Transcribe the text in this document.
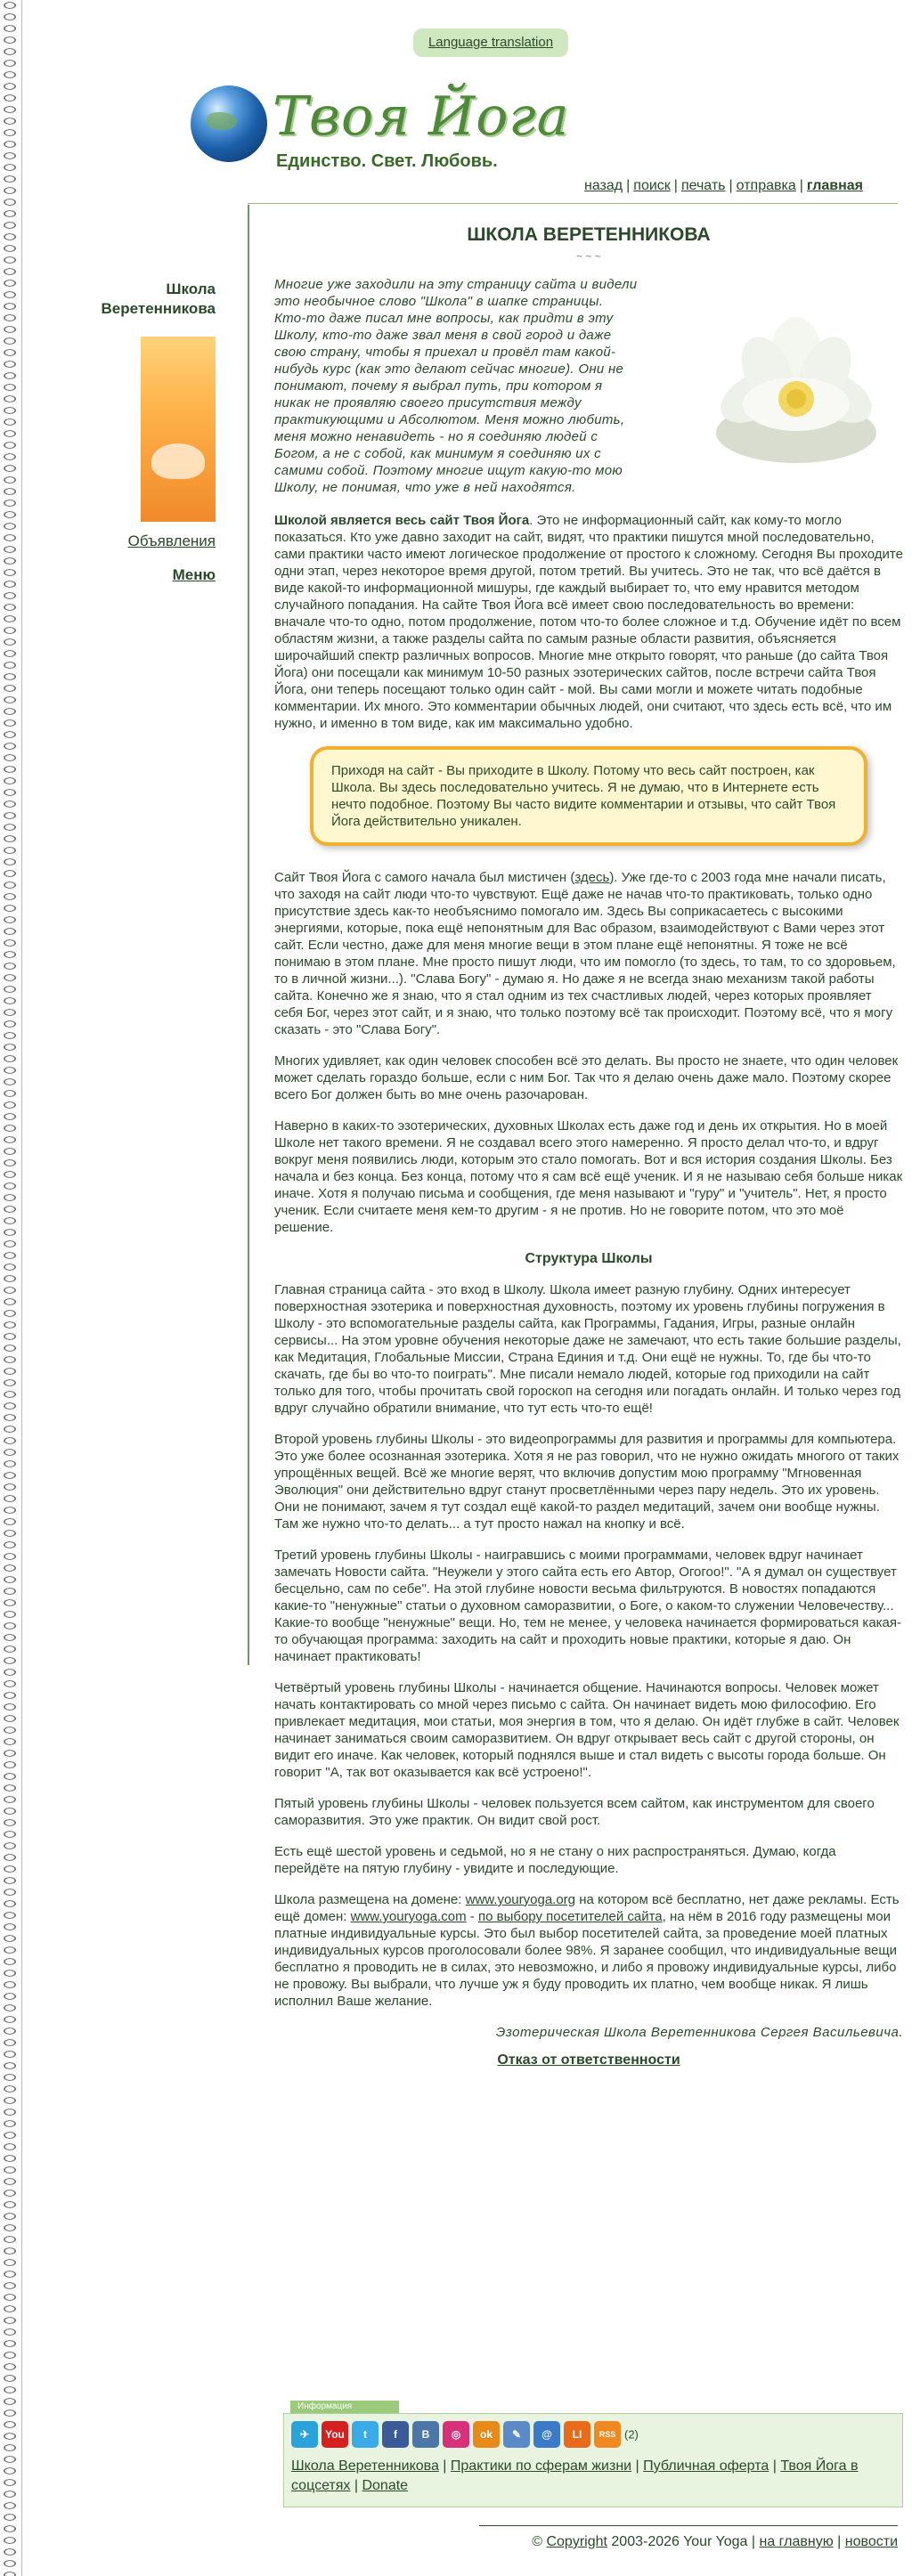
Language translation
Твоя Йога
Единство. Свет. Любовь.
назад | поиск | печать | отправка | главная
Школа Веретенникова
Объявления
Меню
ШКОЛА ВЕРЕТЕННИКОВА
~ ~ ~
Многие уже заходили на эту страницу сайта и видели это необычное слово "Школа" в шапке страницы. Кто-то даже писал мне вопросы, как придти в эту Школу, кто-то даже звал меня в свой город и даже свою страну, чтобы я приехал и провёл там какой-нибудь курс (как это делают сейчас многие). Они не понимают, почему я выбрал путь, при котором я никак не проявляю своего присутствия между практикующими и Абсолютом. Меня можно любить, меня можно ненавидеть - но я соединяю людей с Богом, а не с собой, как минимум я соединяю их с самими собой. Поэтому многие ищут какую-то мою Школу, не понимая, что уже в ней находятся.

Школой является весь сайт Твоя Йога. Это не информационный сайт, как кому-то могло показаться. Кто уже давно заходит на сайт, видят, что практики пишутся мной последовательно, сами практики часто имеют логическое продолжение от простого к сложному. Сегодня Вы проходите одни этап, через некоторое время другой, потом третий. Вы учитесь. Это не так, что всё даётся в виде какой-то информационной мишуры, где каждый выбирает то, что ему нравится методом случайного попадания. На сайте Твоя Йога всё имеет свою последовательность во времени: вначале что-то одно, потом продолжение, потом что-то более сложное и т.д. Обучение идёт по всем областям жизни, а также разделы сайта по самым разные области развития, объясняется широчайший спектр различных вопросов. Многие мне открыто говорят, что раньше (до сайта Твоя Йога) они посещали как минимум 10-50 разных эзотерических сайтов, после встречи сайта Твоя Йога, они теперь посещают только один сайт - мой. Вы сами могли и можете читать подобные комментарии. Их много. Это комментарии обычных людей, они считают, что здесь есть всё, что им нужно, и именно в том виде, как им максимально удобно.

Приходя на сайт - Вы приходите в Школу. Потому что весь сайт построен, как Школа. Вы здесь последовательно учитесь. Я не думаю, что в Интернете есть нечто подобное. Поэтому Вы часто видите комментарии и отзывы, что сайт Твоя Йога действительно уникален.

Сайт Твоя Йога с самого начала был мистичен (здесь). Уже где-то с 2003 года мне начали писать, что заходя на сайт люди что-то чувствуют. Ещё даже не начав что-то практиковать, только одно присутствие здесь как-то необъяснимо помогало им. Здесь Вы соприкасаетесь с высокими энергиями, которые, пока ещё непонятным для Вас образом, взаимодействуют с Вами через этот сайт. Если честно, даже для меня многие вещи в этом плане ещё непонятны. Я тоже не всё понимаю в этом плане. Мне просто пишут люди, что им помогло (то здесь, то там, то со здоровьем, то в личной жизни...). "Слава Богу" - думаю я. Но даже я не всегда знаю механизм такой работы сайта. Конечно же я знаю, что я стал одним из тех счастливых людей, через которых проявляет себя Бог, через этот сайт, и я знаю, что только поэтому всё так происходит. Поэтому всё, что я могу сказать - это "Слава Богу".

Многих удивляет, как один человек способен всё это делать. Вы просто не знаете, что один человек может сделать гораздо больше, если с ним Бог. Так что я делаю очень даже мало. Поэтому скорее всего Бог должен быть во мне очень разочарован.

Наверно в каких-то эзотерических, духовных Школах есть даже год и день их открытия. Но в моей Школе нет такого времени. Я не создавал всего этого намеренно. Я просто делал что-то, и вдруг вокруг меня появились люди, которым это стало помогать. Вот и вся история создания Школы. Без начала и без конца. Без конца, потому что я сам всё ещё ученик. И я не называю себя больше никак иначе. Хотя я получаю письма и сообщения, где меня называют и "гуру" и "учитель". Нет, я просто ученик. Если считаете меня кем-то другим - я не против. Но не говорите потом, что это моё решение.

Структура Школы

Главная страница сайта - это вход в Школу. Школа имеет разную глубину. Одних интересует поверхностная эзотерика и поверхностная духовность, поэтому их уровень глубины погружения в Школу - это вспомогательные разделы сайта, как Программы, Гадания, Игры, разные онлайн сервисы... На этом уровне обучения некоторые даже не замечают, что есть такие большие разделы, как Медитация, Глобальные Миссии, Страна Единия и т.д. Они ещё не нужны. То, где бы что-то скачать, где бы во что-то поиграть". Мне писали немало людей, которые год приходили на сайт только для того, чтобы прочитать свой гороскоп на сегодня или погадать онлайн. И только через год вдруг случайно обратили внимание, что тут есть что-то ещё!

Второй уровень глубины Школы - это видеопрограммы для развития и программы для компьютера. Это уже более осознанная эзотерика. Хотя я не раз говорил, что не нужно ожидать многого от таких упрощённых вещей. Всё же многие верят, что включив допустим мою программу "Мгновенная Эволюция" они действительно вдруг станут просветлёнными через пару недель. Это их уровень. Они не понимают, зачем я тут создал ещё какой-то раздел медитаций, зачем они вообще нужны. Там же нужно что-то делать... а тут просто нажал на кнопку и всё.

Третий уровень глубины Школы - наигравшись с моими программами, человек вдруг начинает замечать Новости сайта. "Неужели у этого сайта есть его Автор, Огогоо!". "А я думал он существует бесцельно, сам по себе". На этой глубине новости весьма фильтруются. В новостях попадаются какие-то "ненужные" статьи о духовном саморазвитии, о Боге, о каком-то служении Человечеству... Какие-то вообще "ненужные" вещи. Но, тем не менее, у человека начинается формироваться какая-то обучающая программа: заходить на сайт и проходить новые практики, которые я даю. Он начинает практиковать!

Четвёртый уровень глубины Школы - начинается общение. Начинаются вопросы. Человек может начать контактировать со мной через письмо с сайта. Он начинает видеть мою философию. Его привлекает медитация, мои статьи, моя энергия в том, что я делаю. Он идёт глубже в сайт. Человек начинает заниматься своим саморазвитием. Он вдруг открывает весь сайт с другой стороны, он видит его иначе. Как человек, который поднялся выше и стал видеть с высоты города больше. Он говорит "А, так вот оказывается как всё устроено!".

Пятый уровень глубины Школы - человек пользуется всем сайтом, как инструментом для своего саморазвития. Это уже практик. Он видит свой рост.

Есть ещё шестой уровень и седьмой, но я не стану о них распространяться. Думаю, когда перейдёте на пятую глубину - увидите и последующие.

Школа размещена на домене: www.youryoga.org на котором всё бесплатно, нет даже рекламы. Есть ещё домен: www.youryoga.com - по выбору посетителей сайта, на нём в 2016 году размещены мои платные индивидуальные курсы. Это был выбор посетителей сайта, за проведение моей платных индивидуальных курсов проголосовали более 98%. Я заранее сообщил, что индивидуальные вещи бесплатно я проводить не в силах, это невозможно, и либо я провожу индивидуальные курсы, либо не провожу. Вы выбрали, что лучше уж я буду проводить их платно, чем вообще никак. Я лишь исполнил Ваше желание.

Эзотерическая Школа Веретенникова Сергея Васильевича.
Отказ от ответственности
Информация
✈ You t	f B ◎ ok ✎ @ LI RSS (2)
Школа Веретенникова | Практики по сферам жизни | Публичная оферта | Твоя Йога в соцсетях | Donate
© Copyright 2003-2026 Your Yoga | на главную | новости
